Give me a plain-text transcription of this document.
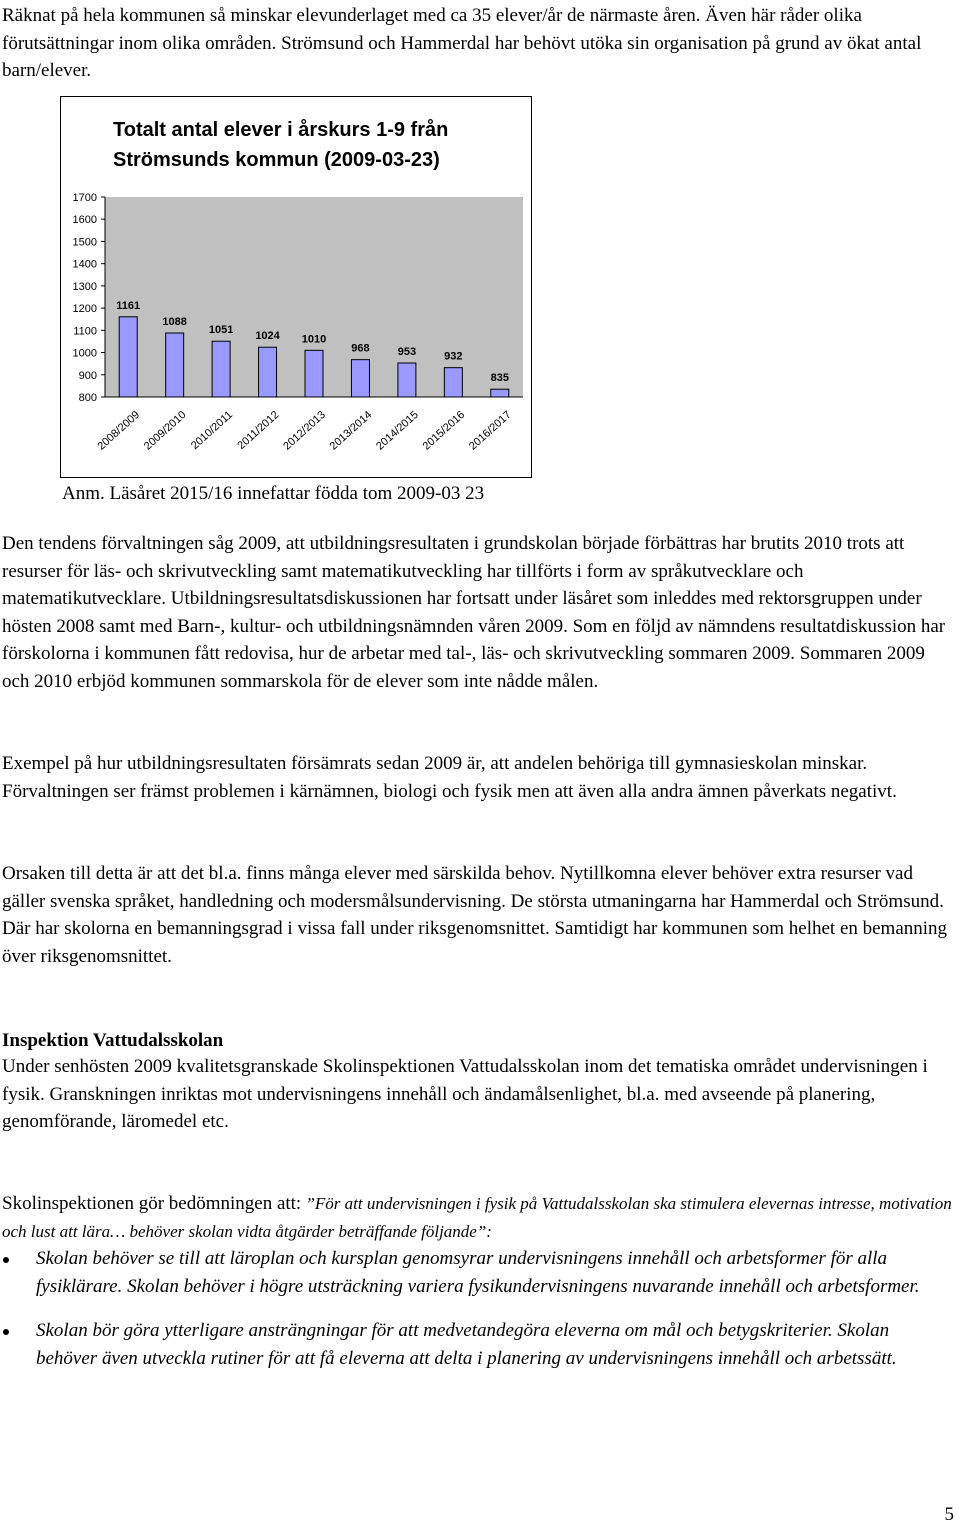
Räknat på hela kommunen så minskar elevunderlaget med ca 35 elever/år de närmaste åren. Även här råder olika förutsättningar inom olika områden. Strömsund och Hammerdal har behövt utöka sin organisation på grund av ökat antal barn/elever.
800
900
1000
1100
1200
1300
1400
1500
1600
1700
1161
2008/2009
1088
2009/2010
1051
2010/2011
1024
2011/2012
1010
2012/2013
968
2013/2014
953
2014/2015
932
2015/2016
835
2016/2017
Totalt antal elever i årskurs 1-9 från Strömsunds kommun (2009-03-23)
Anm. Läsåret 2015/16 innefattar födda tom 2009-03 23
Den tendens förvaltningen såg 2009, att utbildningsresultaten i grundskolan började förbättras har brutits 2010 trots att resurser för läs- och skrivutveckling samt matematikutveckling har tillförts i form av språkutvecklare och matematikutvecklare. Utbildningsresultatsdiskussionen har fortsatt under läsåret som inleddes med rektorsgruppen under hösten 2008 samt med Barn-, kultur- och utbildningsnämnden våren 2009. Som en följd av nämndens resultatdiskussion har förskolorna i kommunen fått redovisa, hur de arbetar med tal-, läs- och skrivutveckling sommaren 2009. Sommaren 2009 och 2010 erbjöd kommunen sommarskola för de elever som inte nådde målen.
Exempel på hur utbildningsresultaten försämrats sedan 2009 är, att andelen behöriga till gymnasieskolan minskar. Förvaltningen ser främst problemen i kärnämnen, biologi och fysik men att även alla andra ämnen påverkats negativt.
Orsaken till detta är att det bl.a. finns många elever med särskilda behov. Nytillkomna elever behöver extra resurser vad gäller svenska språket, handledning och modersmålsundervisning. De största utmaningarna har Hammerdal och Strömsund. Där har skolorna en bemanningsgrad i vissa fall under riksgenomsnittet. Samtidigt har kommunen som helhet en bemanning över riksgenomsnittet.
Inspektion Vattudalsskolan
Under senhösten 2009 kvalitetsgranskade Skolinspektionen Vattudalsskolan inom det tematiska området undervisningen i fysik. Granskningen inriktas mot undervisningens innehåll och ändamålsenlighet, bl.a. med avseende på planering, genomförande, läromedel etc.
Skolinspektionen gör bedömningen att: ”För att undervisningen i fysik på Vattudalsskolan ska stimulera elevernas intresse, motivation och lust att lära… behöver skolan vidta åtgärder beträffande följande”:
Skolan behöver se till att läroplan och kursplan genomsyrar undervisningens innehåll och arbetsformer för alla fysiklärare. Skolan behöver i högre utsträckning variera fysikundervisningens nuvarande innehåll och arbetsformer.
Skolan bör göra ytterligare ansträngningar för att medvetandegöra eleverna om mål och betygskriterier. Skolan behöver även utveckla rutiner för att få eleverna att delta i planering av undervisningens innehåll och arbetssätt.
5
